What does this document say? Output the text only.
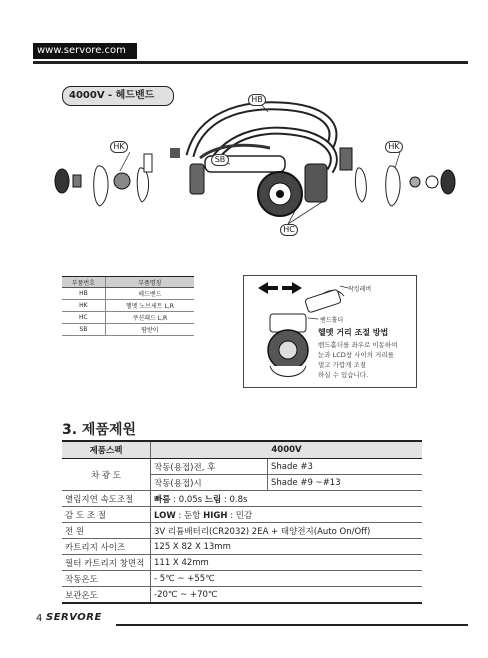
www.servore.com
4000V - 헤드밴드	HB
HK	HK
SB
HC
부품번호	부품명칭
HB	헤드밴드
HK	헬멧 노브세트 L,R
HC	쿠션패드 L,R
SB	땀받이
락킹레버
밴드홀더
헬멧 거리 조절 방법
밴드홀더를 좌우로 이동하여
눈과 LCD창 사이의 거리를
멀고 가깝게 조절
하실 수 있습니다.
3. 제품제원
제품스펙	4000V	
차 광 도	작동(용접)전, 후	Shade #3
	작동(용접)시	Shade #9 ~#13
열림지연 속도조절	빠름 : 0.05s 느림 : 0.8s	
감 도 조 절	LOW : 둔함 HIGH : 민감	
전 원	3V 리튬배터리(CR2032) 2EA + 태양전지(Auto On/Off)	
카트리지 사이즈	125 X 82 X 13mm	
필터 카트리지 창면적	111 X 42mm	
작동온도	- 5℃ ~ +55℃	
보관온도	-20℃ ~ +70℃	
4 SERVORE
